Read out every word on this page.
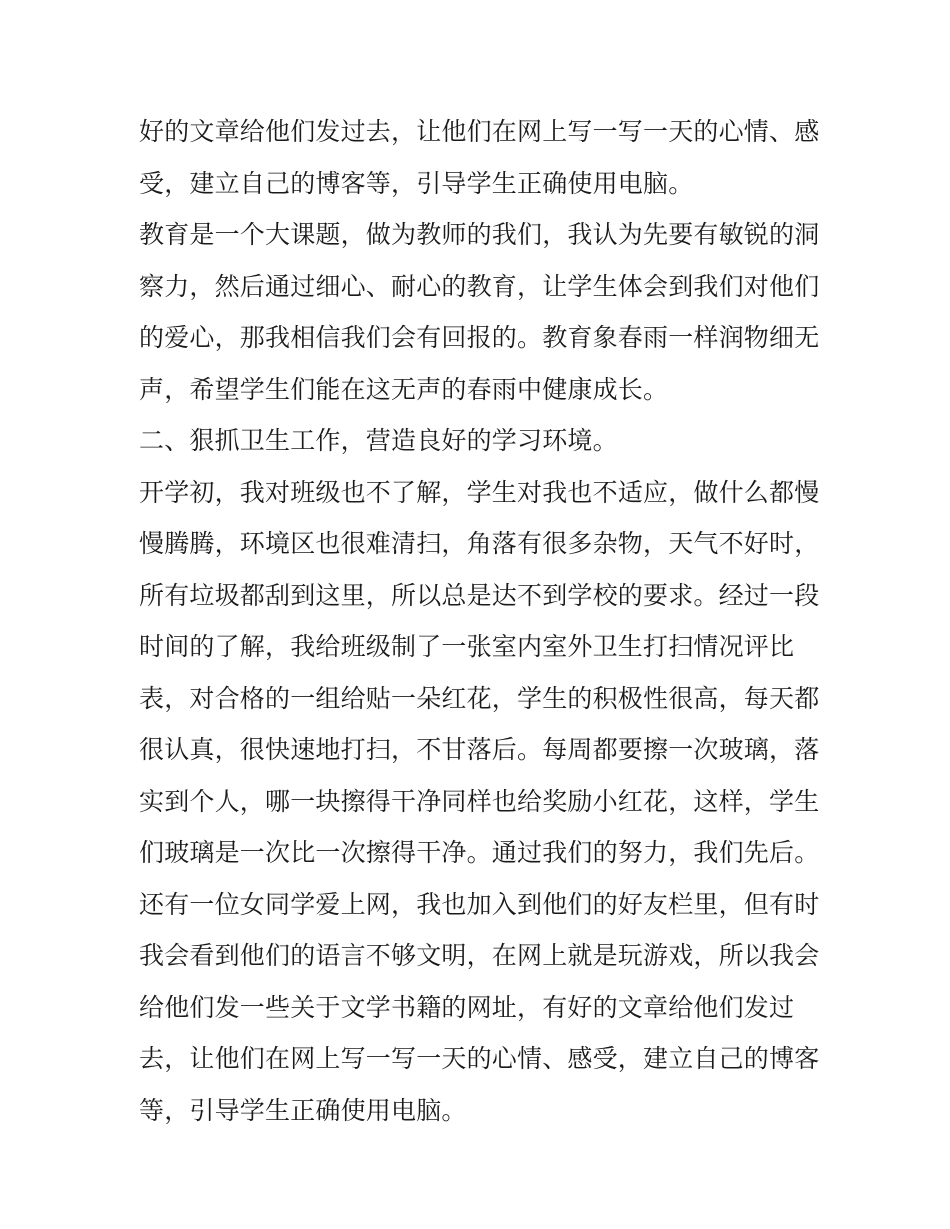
好的文章给他们发过去，让他们在网上写一写一天的心情、感
受，建立自己的博客等，引导学生正确使用电脑。
教育是一个大课题，做为教师的我们，我认为先要有敏锐的洞
察力，然后通过细心、耐心的教育，让学生体会到我们对他们
的爱心，那我相信我们会有回报的。教育象春雨一样润物细无
声，希望学生们能在这无声的春雨中健康成长。
二、狠抓卫生工作，营造良好的学习环境。
开学初，我对班级也不了解，学生对我也不适应，做什么都慢
慢腾腾，环境区也很难清扫，角落有很多杂物，天气不好时，
所有垃圾都刮到这里，所以总是达不到学校的要求。经过一段
时间的了解，我给班级制了一张室内室外卫生打扫情况评比
表，对合格的一组给贴一朵红花，学生的积极性很高，每天都
很认真，很快速地打扫，不甘落后。每周都要擦一次玻璃，落
实到个人，哪一块擦得干净同样也给奖励小红花，这样，学生
们玻璃是一次比一次擦得干净。通过我们的努力，我们先后。
还有一位女同学爱上网，我也加入到他们的好友栏里，但有时
我会看到他们的语言不够文明，在网上就是玩游戏，所以我会
给他们发一些关于文学书籍的网址，有好的文章给他们发过
去，让他们在网上写一写一天的心情、感受，建立自己的博客
等，引导学生正确使用电脑。
